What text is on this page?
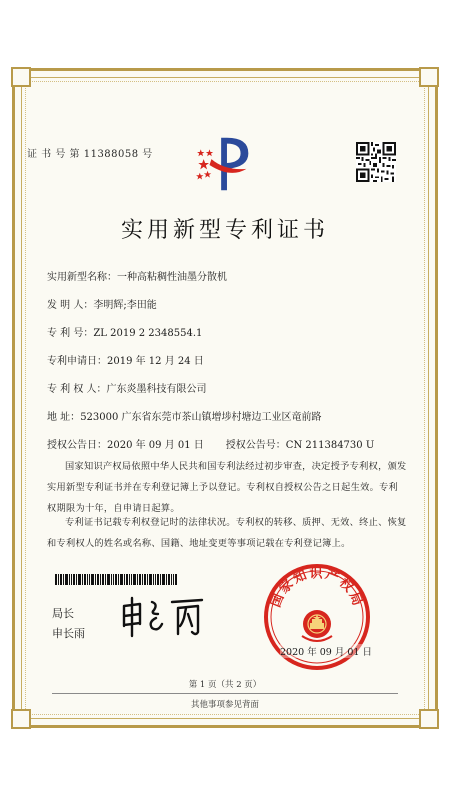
证 书 号 第 11388058 号
实用新型专利证书
实用新型名称：一种高粘稠性油墨分散机
发 明 人：李明辉;李田能
专 利 号：ZL 2019 2 2348554.1
专利申请日：2019 年 12 月 24 日
专 利 权 人：广东炎墨科技有限公司
地 址：523000 广东省东莞市茶山镇增埗村塘边工业区竜前路
授权公告日：2020 年 09 月 01 日 授权公告号：CN 211384730 U
国家知识产权局依照中华人民共和国专利法经过初步审查，决定授予专利权，颁发实用新型专利证书并在专利登记簿上予以登记。专利权自授权公告之日起生效。专利权期限为十年，自申请日起算。
专利证书记载专利权登记时的法律状况。专利权的转移、质押、无效、终止、恢复和专利权人的姓名或名称、国籍、地址变更等事项记载在专利登记簿上。
局长
申长雨
国家知识产权局
2020 年 09 月 01 日
第 1 页（共 2 页）
其他事项参见背面
